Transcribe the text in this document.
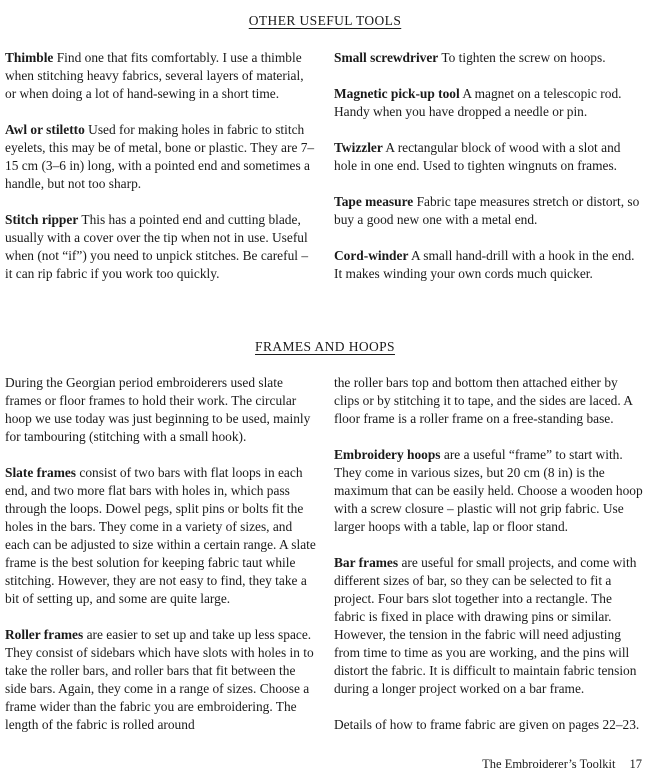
OTHER USEFUL TOOLS

Thimble Find one that fits comfortably. I use a thimble when stitching heavy fabrics, several layers of material, or when doing a lot of hand-sewing in a short time.

Awl or stiletto Used for making holes in fabric to stitch eyelets, this may be of metal, bone or plastic. They are 7–15 cm (3–6 in) long, with a pointed end and sometimes a handle, but not too sharp.

Stitch ripper This has a pointed end and cutting blade, usually with a cover over the tip when not in use. Useful when (not “if”) you need to unpick stitches. Be careful – it can rip fabric if you work too quickly.

Small screwdriver To tighten the screw on hoops.

Magnetic pick-up tool A magnet on a telescopic rod. Handy when you have dropped a needle or pin.

Twizzler A rectangular block of wood with a slot and hole in one end. Used to tighten wingnuts on frames.

Tape measure Fabric tape measures stretch or distort, so buy a good new one with a metal end.

Cord-winder A small hand-drill with a hook in the end. It makes winding your own cords much quicker.

FRAMES AND HOOPS

During the Georgian period embroiderers used slate frames or floor frames to hold their work. The circular hoop we use today was just beginning to be used, mainly for tambouring (stitching with a small hook).

Slate frames consist of two bars with flat loops in each end, and two more flat bars with holes in, which pass through the loops. Dowel pegs, split pins or bolts fit the holes in the bars. They come in a variety of sizes, and each can be adjusted to size within a certain range. A slate frame is the best solution for keeping fabric taut while stitching. However, they are not easy to find, they take a bit of setting up, and some are quite large.

Roller frames are easier to set up and take up less space. They consist of sidebars which have slots with holes in to take the roller bars, and roller bars that fit between the side bars. Again, they come in a range of sizes. Choose a frame wider than the fabric you are embroidering. The length of the fabric is rolled around

the roller bars top and bottom then attached either by clips or by stitching it to tape, and the sides are laced. A floor frame is a roller frame on a free-standing base.

Embroidery hoops are a useful “frame” to start with. They come in various sizes, but 20 cm (8 in) is the maximum that can be easily held. Choose a wooden hoop with a screw closure – plastic will not grip fabric. Use larger hoops with a table, lap or floor stand.

Bar frames are useful for small projects, and come with different sizes of bar, so they can be selected to fit a project. Four bars slot together into a rectangle. The fabric is fixed in place with drawing pins or similar. However, the tension in the fabric will need adjusting from time to time as you are working, and the pins will distort the fabric. It is difficult to maintain fabric tension during a longer project worked on a bar frame.

Details of how to frame fabric are given on pages 22–23.

The Embroiderer’s Toolkit 17
